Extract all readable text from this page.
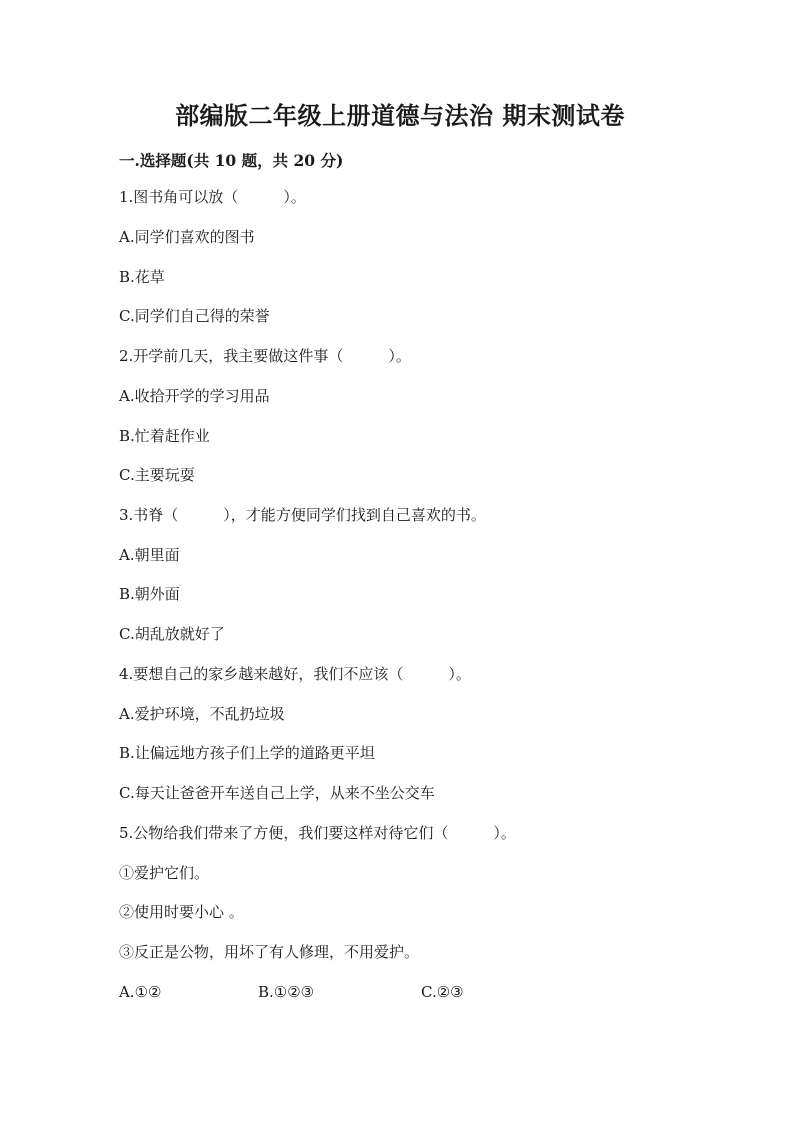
部编版二年级上册道德与法治 期末测试卷
一.选择题(共 10 题，共 20 分)
1.图书角可以放（　　　）。
A.同学们喜欢的图书
B.花草
C.同学们自己得的荣誉
2.开学前几天，我主要做这件事（　　　）。
A.收拾开学的学习用品
B.忙着赶作业
C.主要玩耍
3.书脊（　　　），才能方便同学们找到自己喜欢的书。
A.朝里面
B.朝外面
C.胡乱放就好了
4.要想自己的家乡越来越好，我们不应该（　　　）。
A.爱护环境，不乱扔垃圾
B.让偏远地方孩子们上学的道路更平坦
C.每天让爸爸开车送自己上学，从来不坐公交车
5.公物给我们带来了方便，我们要这样对待它们（　　　）。
①爱护它们。
②使用时要小心 。
③反正是公物，用坏了有人修理，不用爱护。
A.①②	B.①②③	C.②③
